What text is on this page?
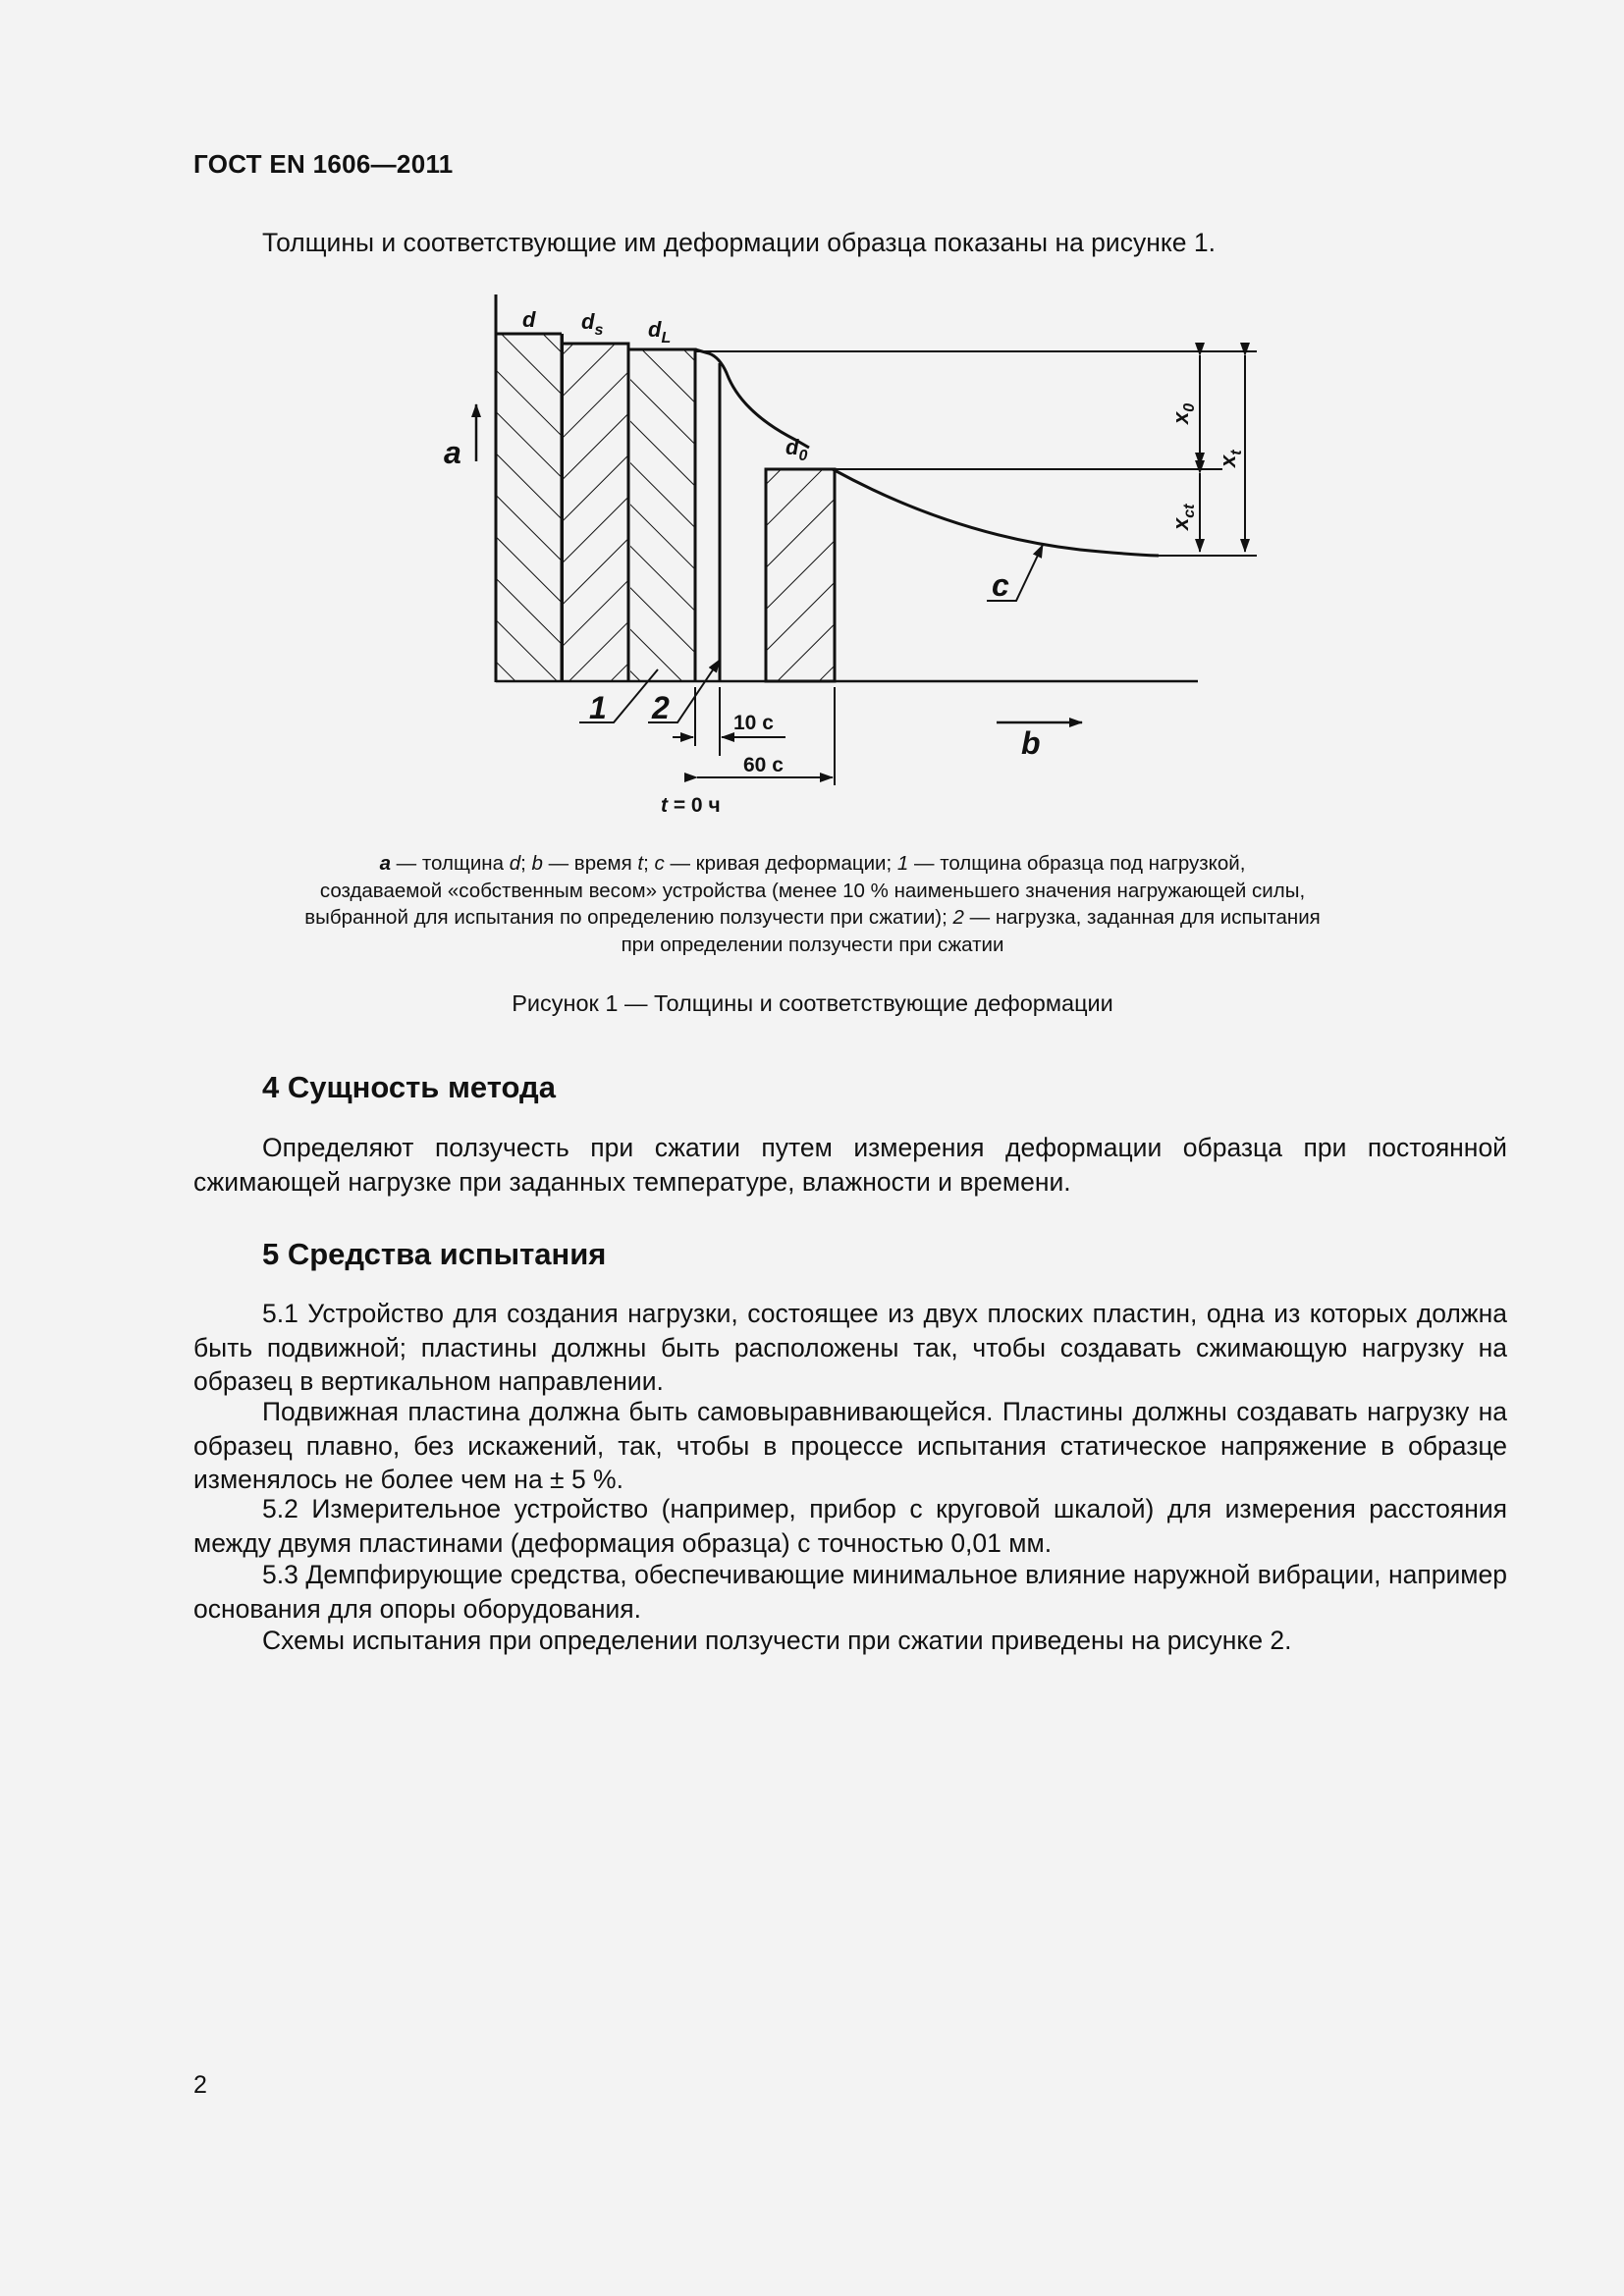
ГОСТ EN 1606—2011

Толщины и соответствующие им деформации образца показаны на рисунке 1.

d $d_s$ $d_L$
$d_0$
a
b
c
1 2
$x_0$
$x_t$
$x_{ct}$
10 с
60 с
t = 0 ч
a — толщина d; b — время t; c — кривая деформации; 1 — толщина образца под нагрузкой,
создаваемой «собственным весом» устройства (менее 10 % наименьшего значения нагружающей силы,
выбранной для испытания по определению ползучести при сжатии); 2 — нагрузка, заданная для испытания
при определении ползучести при сжатии
Рисунок 1 — Толщины и соответствующие деформации
4 Сущность метода

Определяют ползучесть при сжатии путем измерения деформации образца при постоянной сжимающей нагрузке при заданных температуре, влажности и времени.

5 Средства испытания

5.1 Устройство для создания нагрузки, состоящее из двух плоских пластин, одна из которых должна быть подвижной; пластины должны быть расположены так, чтобы создавать сжимающую нагрузку на образец в вертикальном направлении.

Подвижная пластина должна быть самовыравнивающейся. Пластины должны создавать нагрузку на образец плавно, без искажений, так, чтобы в процессе испытания статическое напряжение в образце изменялось не более чем на ± 5 %.

5.2 Измерительное устройство (например, прибор с круговой шкалой) для измерения расстояния между двумя пластинами (деформация образца) с точностью 0,01 мм.

5.3 Демпфирующие средства, обеспечивающие минимальное влияние наружной вибрации, например основания для опоры оборудования.

Схемы испытания при определении ползучести при сжатии приведены на рисунке 2.

2
